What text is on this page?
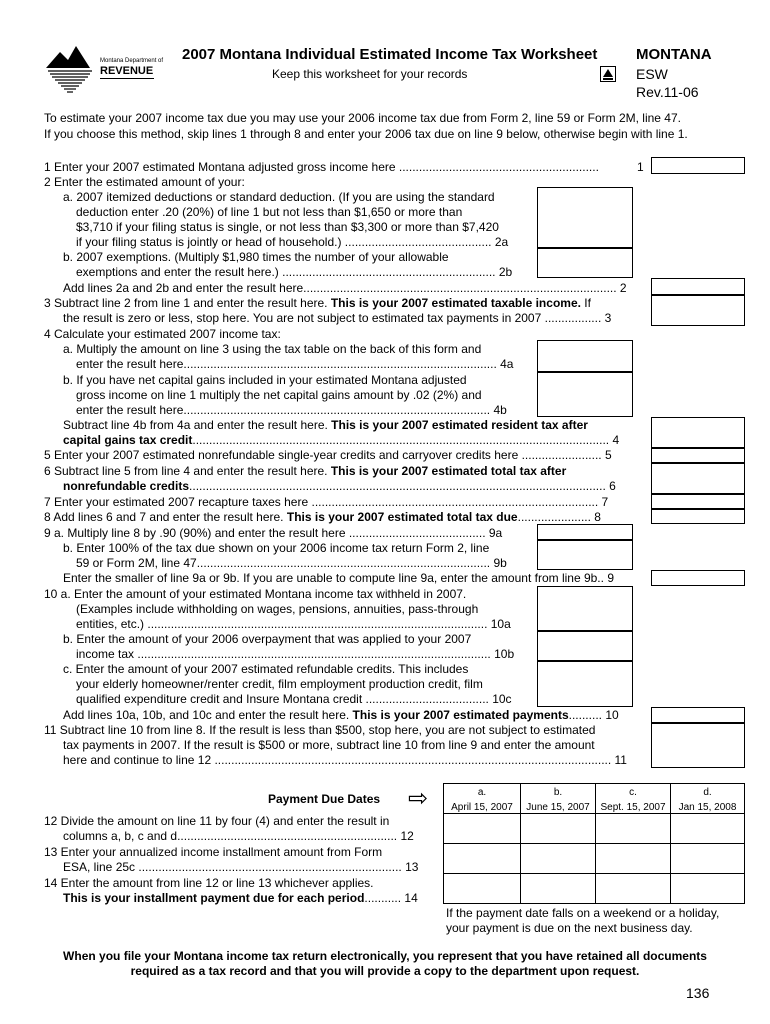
Montana Department of
REVENUE
2007 Montana Individual Estimated Income Tax Worksheet
Keep this worksheet for your records
MONTANA
ESW
Rev.11-06
To estimate your 2007 income tax due you may use your 2006 income tax due from Form 2, line 59 or Form 2M, line 47.
If you choose this method, skip lines 1 through 8 and enter your 2006 tax due on line 9 below, otherwise begin with line 1.
1 Enter your 2007 estimated Montana adjusted gross income here ............................................................	1
2 Enter the estimated amount of your:
a. 2007 itemized deductions or standard deduction. (If you are using the standard
deduction enter .20 (20%) of line 1 but not less than $1,650 or more than
$3,710 if your filing status is single, or not less than $3,300 or more than $7,420
if your filing status is jointly or head of household.) ............................................ 2a
b. 2007 exemptions. (Multiply $1,980 times the number of your allowable
exemptions and enter the result here.) ................................................................ 2b
Add lines 2a and 2b and enter the result here.............................................................................................. 2
3 Subtract line 2 from line 1 and enter the result here. This is your 2007 estimated taxable income. If
the result is zero or less, stop here. You are not subject to estimated tax payments in 2007 ................. 3
4 Calculate your estimated 2007 income tax:
a. Multiply the amount on line 3 using the tax table on the back of this form and
enter the result here.............................................................................................. 4a
b. If you have net capital gains included in your estimated Montana adjusted
gross income on line 1 multiply the net capital gains amount by .02 (2%) and
enter the result here............................................................................................ 4b
Subtract line 4b from 4a and enter the result here. This is your 2007 estimated resident tax after
capital gains tax credit............................................................................................................................. 4
5 Enter your 2007 estimated nonrefundable single-year credits and carryover credits here ........................ 5
6 Subtract line 5 from line 4 and enter the result here. This is your 2007 estimated total tax after
nonrefundable credits............................................................................................................................. 6
7 Enter your estimated 2007 recapture taxes here ...................................................................................... 7
8 Add lines 6 and 7 and enter the result here. This is your 2007 estimated total tax due...................... 8
9 a. Multiply line 8 by .90 (90%) and enter the result here ......................................... 9a
b. Enter 100% of the tax due shown on your 2006 income tax return Form 2, line
59 or Form 2M, line 47........................................................................................ 9b
Enter the smaller of line 9a or 9b. If you are unable to compute line 9a, enter the amount from line 9b.. 9
10 a. Enter the amount of your estimated Montana income tax withheld in 2007.
(Examples include withholding on wages, pensions, annuities, pass-through
entities, etc.) ...................................................................................................... 10a
b. Enter the amount of your 2006 overpayment that was applied to your 2007
income tax .......................................................................................................... 10b
c. Enter the amount of your 2007 estimated refundable credits. This includes
your elderly homeowner/renter credit, film employment production credit, film
qualified expenditure credit and Insure Montana credit ..................................... 10c
Add lines 10a, 10b, and 10c and enter the result here. This is your 2007 estimated payments.......... 10
11 Subtract line 10 from line 8. If the result is less than $500, stop here, you are not subject to estimated
tax payments in 2007. If the result is $500 or more, subtract line 10 from line 9 and enter the amount
here and continue to line 12 ....................................................................................................................... 11
Payment Due Dates ⇨	a.
April 15, 2007
b.
June 15, 2007
c.
Sept. 15, 2007
d.
Jan 15, 2008
12 Divide the amount on line 11 by four (4) and enter the result in
columns a, b, c and d.................................................................. 12
13 Enter your annualized income installment amount from Form
ESA, line 25c ............................................................................... 13
14 Enter the amount from line 12 or line 13 whichever applies.
This is your installment payment due for each period........... 14
If the payment date falls on a weekend or a holiday,
your payment is due on the next business day.
When you file your Montana income tax return electronically, you represent that you have retained all documents
required as a tax record and that you will provide a copy to the department upon request.
136
